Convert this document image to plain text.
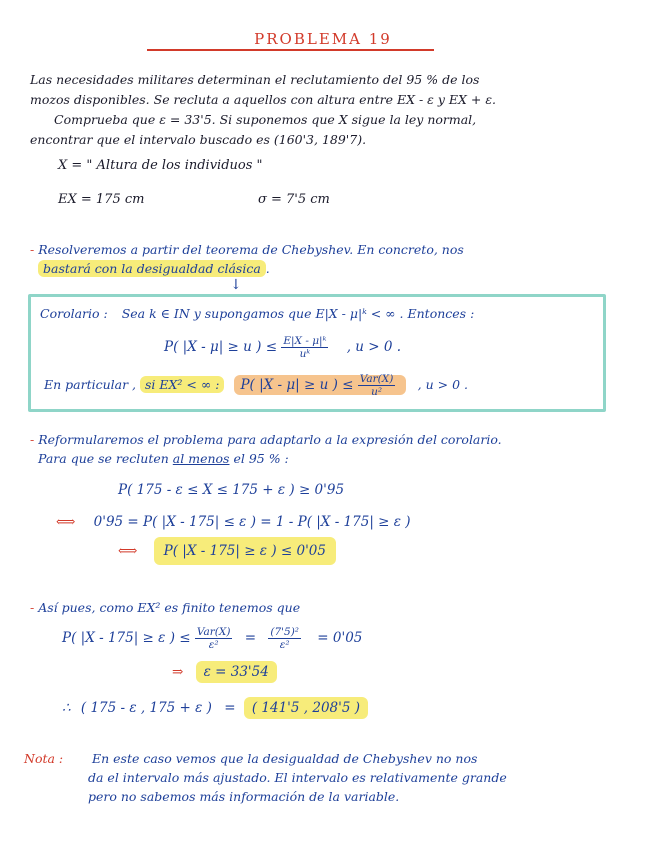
PROBLEMA 19
Las necesidades militares determinan el reclutamiento del 95 % de los
mozos disponibles. Se recluta a aquellos con altura entre EX - ε y EX + ε.
Comprueba que ε = 33'5. Si suponemos que X sigue la ley normal,
encontrar que el intervalo buscado es (160'3, 189'7).
X = " Altura de los individuos "
EX = 175 cm	σ = 7'5 cm
- Resolveremos a partir del teorema de Chebyshev. En concreto, nos
bastará con la desigualdad clásica .
↓
Corolario : Sea k ∈ IN y supongamos que E|X - μ|ᵏ < ∞ . Entonces :
P( |X - μ| ≥ u ) ≤ $\frac{\text{E|X - μ|ᵏ}}{\text{uᵏ}}$ , u > 0 .
En particular , si EX² < ∞ : P( |X - μ| ≥ u ) ≤ $\frac{\text{Var(X)}}{\text{u²}}$ , u > 0 .
- Reformularemos el problema para adaptarlo a la expresión del corolario.
Para que se recluten al menos el 95 % :
P( 175 - ε ≤ X ≤ 175 + ε ) ≥ 0'95
⟺ 0'95 = P( |X - 175| ≤ ε ) = 1 - P( |X - 175| ≥ ε )
⟺ P( |X - 175| ≥ ε ) ≤ 0'05
- Así pues, como EX² es finito tenemos que
P( |X - 175| ≥ ε ) ≤ $\frac{\text{Var(X)}}{\text{ε²}} = \frac{\text{(7'5)²}}{\text{ε²}} = 0'05$
⇒ ε = 33'54
∴ ( 175 - ε , 175 + ε ) = ( 141'5 , 208'5 )
Nota : En este caso vemos que la desigualdad de Chebyshev no nos
da el intervalo más ajustado. El intervalo es relativamente grande
pero no sabemos más información de la variable.
